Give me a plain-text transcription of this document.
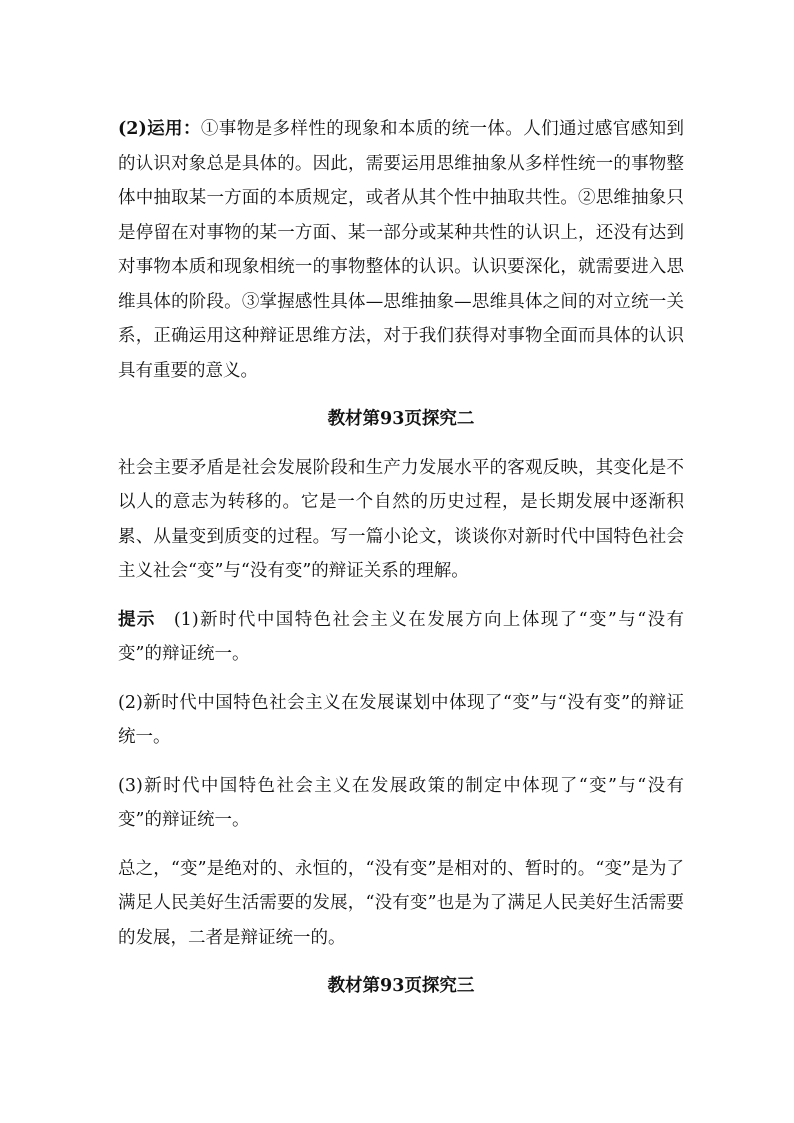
(2)运用：①事物是多样性的现象和本质的统一体。人们通过感官感知到的认识对象总是具体的。因此，需要运用思维抽象从多样性统一的事物整体中抽取某一方面的本质规定，或者从其个性中抽取共性。②思维抽象只是停留在对事物的某一方面、某一部分或某种共性的认识上，还没有达到对事物本质和现象相统一的事物整体的认识。认识要深化，就需要进入思维具体的阶段。③掌握感性具体—思维抽象—思维具体之间的对立统一关系，正确运用这种辩证思维方法，对于我们获得对事物全面而具体的认识具有重要的意义。

教材第93页探究二

社会主要矛盾是社会发展阶段和生产力发展水平的客观反映，其变化是不以人的意志为转移的。它是一个自然的历史过程，是长期发展中逐渐积累、从量变到质变的过程。写一篇小论文，谈谈你对新时代中国特色社会主义社会“变”与“没有变”的辩证关系的理解。

提示 (1)新时代中国特色社会主义在发展方向上体现了“变”与“没有变”的辩证统一。

(2)新时代中国特色社会主义在发展谋划中体现了“变”与“没有变”的辩证统一。

(3)新时代中国特色社会主义在发展政策的制定中体现了“变”与“没有变”的辩证统一。

总之，“变”是绝对的、永恒的，“没有变”是相对的、暂时的。“变”是为了满足人民美好生活需要的发展，“没有变”也是为了满足人民美好生活需要的发展，二者是辩证统一的。

教材第93页探究三
